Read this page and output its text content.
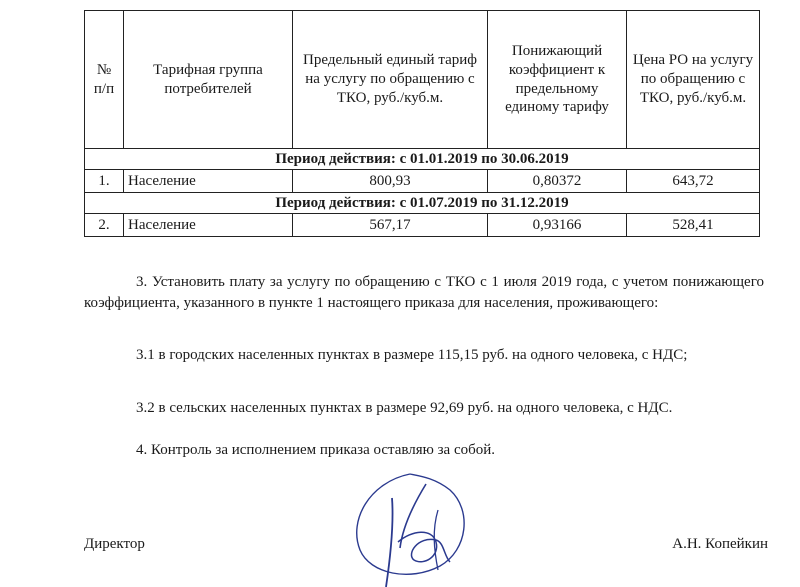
№ п/п	Тарифная группа потребителей	Предельный единый тариф на услугу по обращению с ТКО, руб./куб.м.	Понижающий коэффициент к предельному единому тарифу	Цена РО на услугу по обращению с ТКО, руб./куб.м.
Период действия: с 01.01.2019 по 30.06.2019				
1.	Население	800,93	0,80372	643,72
Период действия: с 01.07.2019 по 31.12.2019				
2.	Население	567,17	0,93166	528,41
3. Установить плату за услугу по обращению с ТКО с 1 июля 2019 года, с учетом понижающего коэффициента, указанного в пункте 1 настоящего приказа для населения, проживающего:
3.1 в городских населенных пунктах в размере 115,15 руб. на одного человека, с НДС;
3.2 в сельских населенных пунктах в размере 92,69 руб. на одного человека, с НДС.
4. Контроль за исполнением приказа оставляю за собой.
Директор	А.Н. Копейкин
